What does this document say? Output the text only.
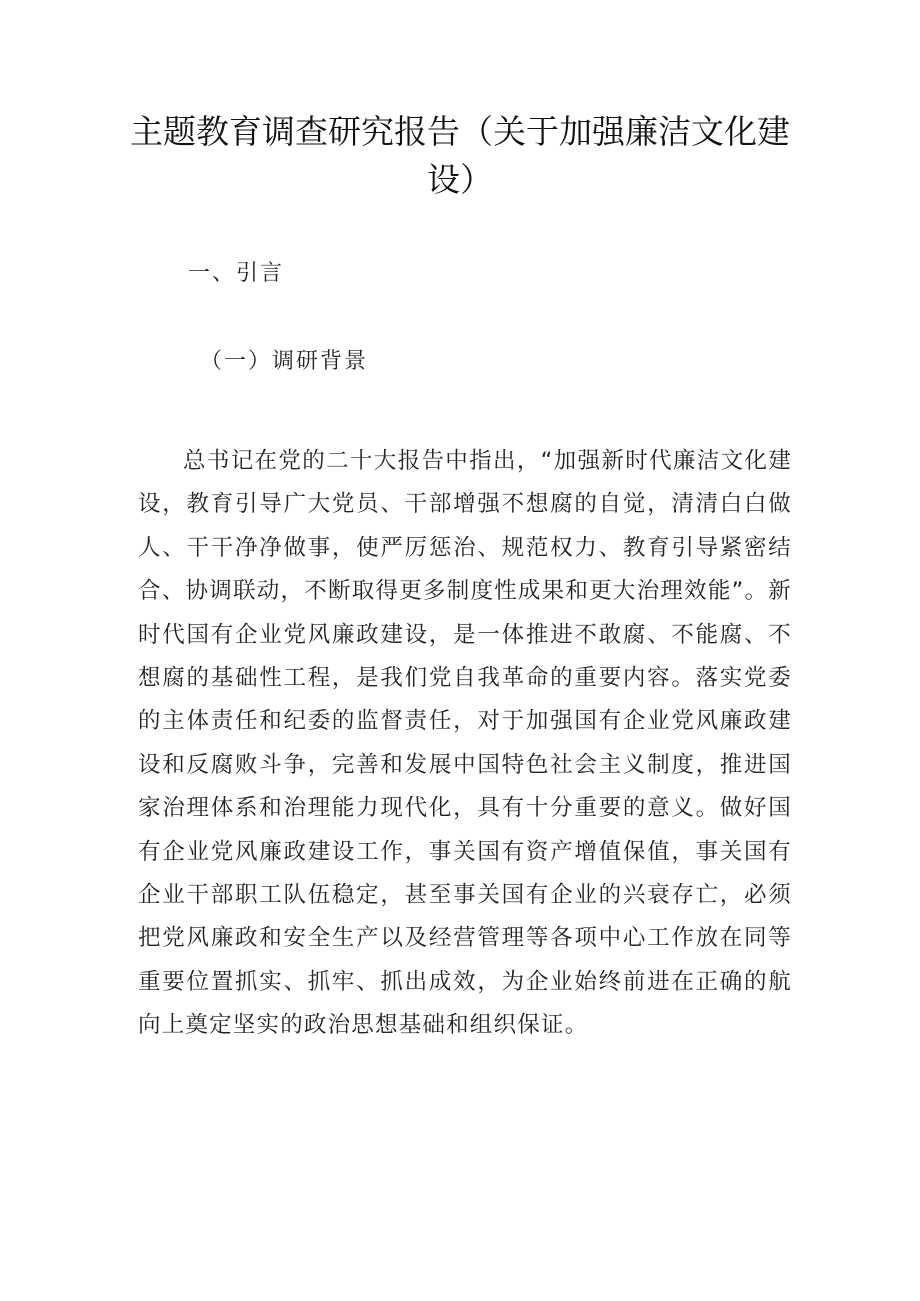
主题教育调查研究报告（关于加强廉洁文化建设）
一、引言
（一）调研背景

总书记在党的二十大报告中指出，“加强新时代廉洁文化建设，教育引导广大党员、干部增强不想腐的自觉，清清白白做人、干干净净做事，使严厉惩治、规范权力、教育引导紧密结合、协调联动，不断取得更多制度性成果和更大治理效能”。新时代国有企业党风廉政建设，是一体推进不敢腐、不能腐、不想腐的基础性工程，是我们党自我革命的重要内容。落实党委的主体责任和纪委的监督责任，对于加强国有企业党风廉政建设和反腐败斗争，完善和发展中国特色社会主义制度，推进国家治理体系和治理能力现代化，具有十分重要的意义。做好国有企业党风廉政建设工作，事关国有资产增值保值，事关国有企业干部职工队伍稳定，甚至事关国有企业的兴衰存亡，必须把党风廉政和安全生产以及经营管理等各项中心工作放在同等重要位置抓实、抓牢、抓出成效，为企业始终前进在正确的航向上奠定坚实的政治思想基础和组织保证。
